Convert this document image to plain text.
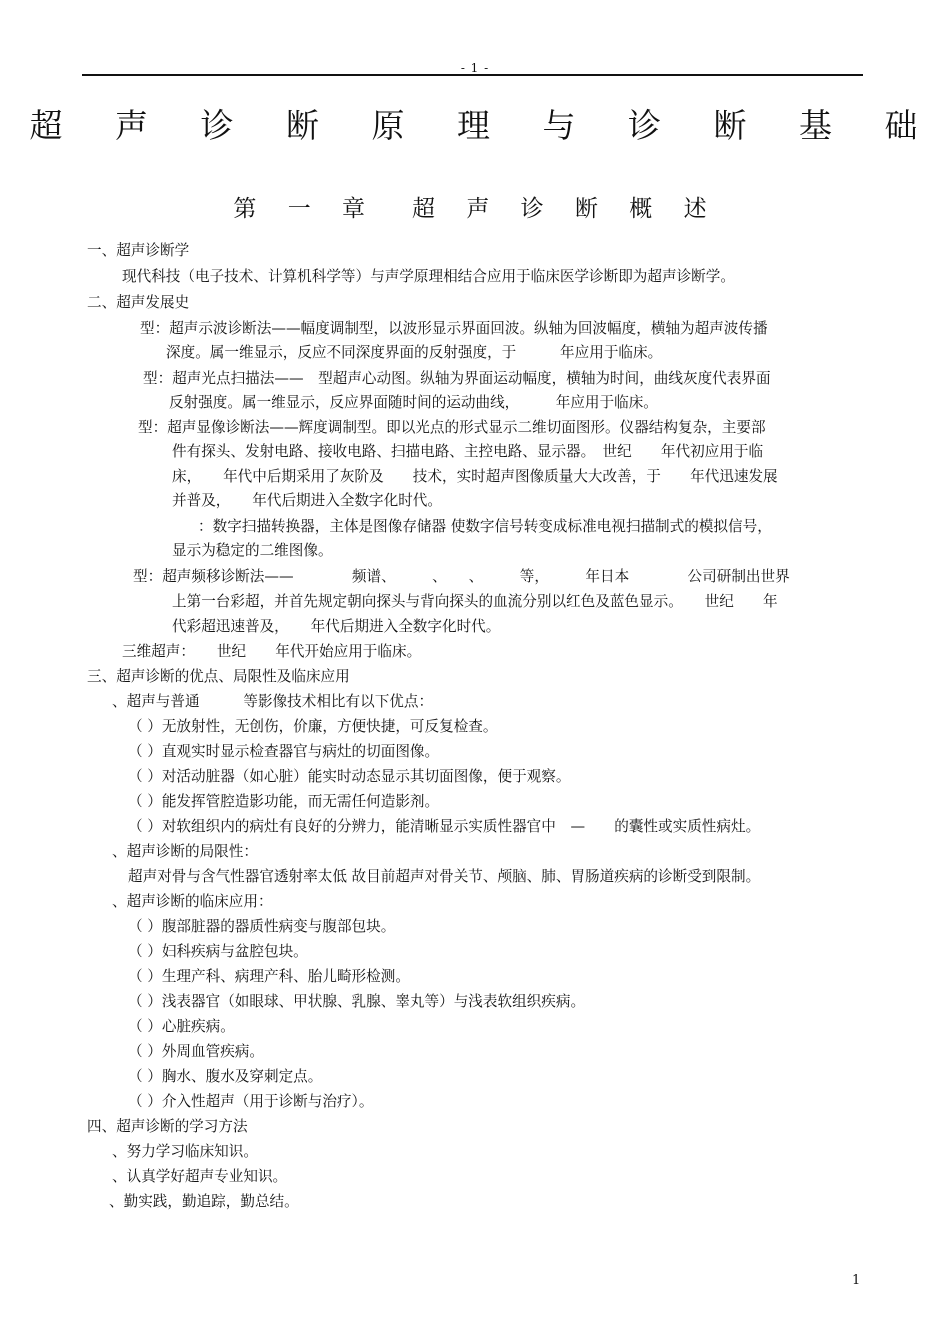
- 1 -
超 声 诊 断 原 理 与 诊 断 基 础
第 一 章　超 声 诊 断 概 述
一、超声诊断学
现代科技（电子技术、计算机科学等）与声学原理相结合应用于临床医学诊断即为超声诊断学。
二、超声发展史
型：超声示波诊断法——幅度调制型，以波形显示界面回波。纵轴为回波幅度，横轴为超声波传播
深度。属一维显示，反应不同深度界面的反射强度，于　　　年应用于临床。
型：超声光点扫描法——　型超声心动图。纵轴为界面运动幅度，横轴为时间，曲线灰度代表界面
反射强度。属一维显示，反应界面随时间的运动曲线，　　　年应用于临床。
型：超声显像诊断法——辉度调制型。即以光点的形式显示二维切面图形。仪器结构复杂，主要部
件有探头、发射电路、接收电路、扫描电路、主控电路、显示器。　世纪　　年代初应用于临
床，　　年代中后期采用了灰阶及　　技术，实时超声图像质量大大改善，于　　年代迅速发展
并普及，　　年代后期进入全数字化时代。
：数字扫描转换器，主体是图像存储器 使数字信号转变成标准电视扫描制式的模拟信号，
显示为稳定的二维图像。
型：超声频移诊断法——　　　　频谱、　　　、　　、　　　等，　　　年日本　　　　公司研制出世界
上第一台彩超，并首先规定朝向探头与背向探头的血流分别以红色及蓝色显示。　　世纪　　年
代彩超迅速普及，　　年代后期进入全数字化时代。
三维超声：　　世纪　　年代开始应用于临床。
三、超声诊断的优点、局限性及临床应用
、超声与普通　　　等影像技术相比有以下优点：
（ ）无放射性，无创伤，价廉，方便快捷，可反复检查。
（ ）直观实时显示检查器官与病灶的切面图像。
（ ）对活动脏器（如心脏）能实时动态显示其切面图像，便于观察。
（ ）能发挥管腔造影功能，而无需任何造影剂。
（ ）对软组织内的病灶有良好的分辨力，能清晰显示实质性器官中　—　　的囊性或实质性病灶。
、超声诊断的局限性：
超声对骨与含气性器官透射率太低 故目前超声对骨关节、颅脑、肺、胃肠道疾病的诊断受到限制。
、超声诊断的临床应用：
（ ）腹部脏器的器质性病变与腹部包块。
（ ）妇科疾病与盆腔包块。
（ ）生理产科、病理产科、胎儿畸形检测。
（ ）浅表器官（如眼球、甲状腺、乳腺、睾丸等）与浅表软组织疾病。
（ ）心脏疾病。
（ ）外周血管疾病。
（ ）胸水、腹水及穿刺定点。
（ ）介入性超声（用于诊断与治疗）。
四、超声诊断的学习方法
、努力学习临床知识。
、认真学好超声专业知识。
、勤实践，勤追踪，勤总结。
1
